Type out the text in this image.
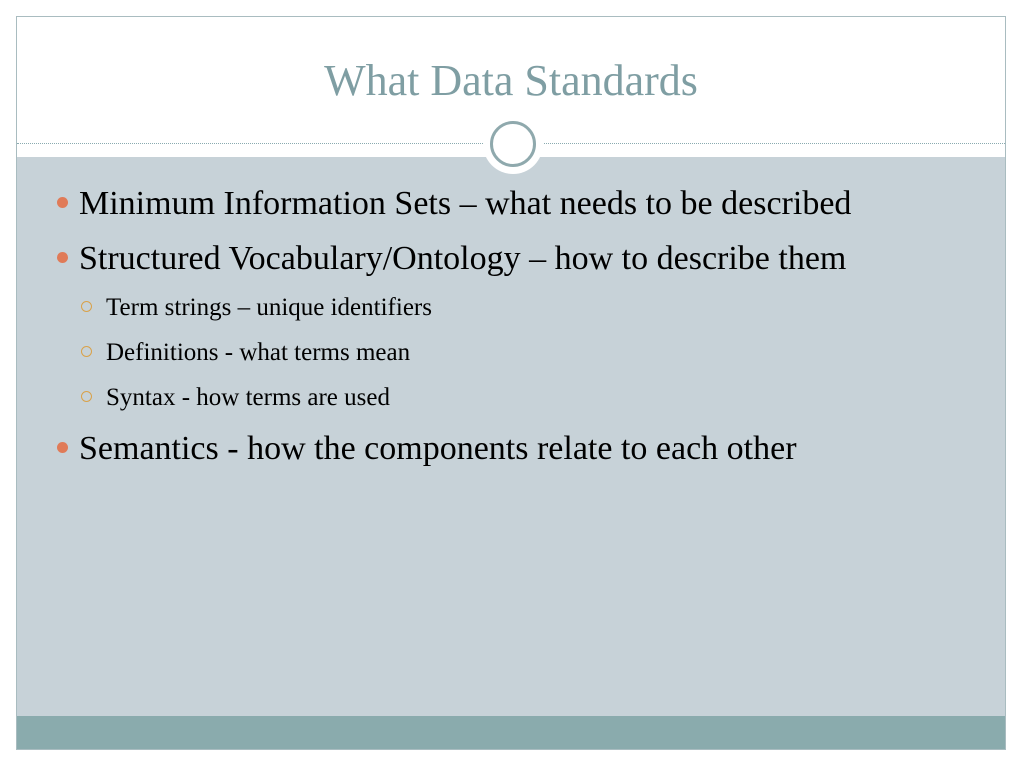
What Data Standards
Minimum Information Sets – what needs to be described
Structured Vocabulary/Ontology – how to describe them
Term strings – unique identifiers
Definitions - what terms mean
Syntax - how terms are used
Semantics - how the components relate to each other
